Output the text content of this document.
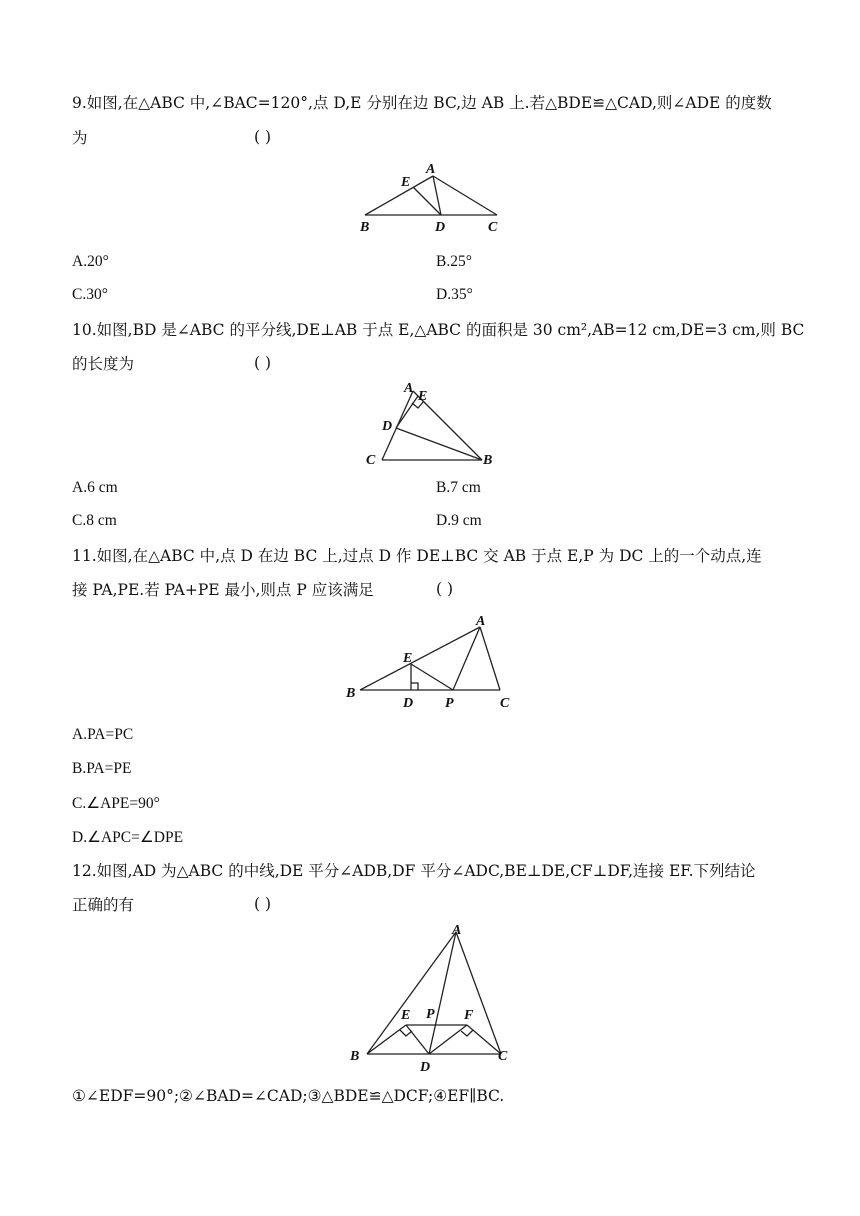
9.如图,在△ABC 中,∠BAC=120°,点 D,E 分别在边 BC,边 AB 上.若△BDE≌△CAD,则∠ADE 的度数
为	( )
A
E
B	D	C
A.20°	B.25°
C.30°	D.35°
10.如图,BD 是∠ABC 的平分线,DE⊥AB 于点 E,△ABC 的面积是 30 cm²,AB=12 cm,DE=3 cm,则 BC
的长度为	( )
A
E
D
C	B
A.6 cm	B.7 cm
C.8 cm	D.9 cm
11.如图,在△ABC 中,点 D 在边 BC 上,过点 D 作 DE⊥BC 交 AB 于点 E,P 为 DC 上的一个动点,连
接 PA,PE.若 PA+PE 最小,则点 P 应该满足	( )
A
E
B
D P	C
A.PA=PC
B.PA=PE
C.∠APE=90°
D.∠APC=∠DPE
12.如图,AD 为△ABC 的中线,DE 平分∠ADB,DF 平分∠ADC,BE⊥DE,CF⊥DF,连接 EF.下列结论
正确的有	( )
A
E P F
B
D
C
①∠EDF=90°;②∠BAD=∠CAD;③△BDE≌△DCF;④EF∥BC.
